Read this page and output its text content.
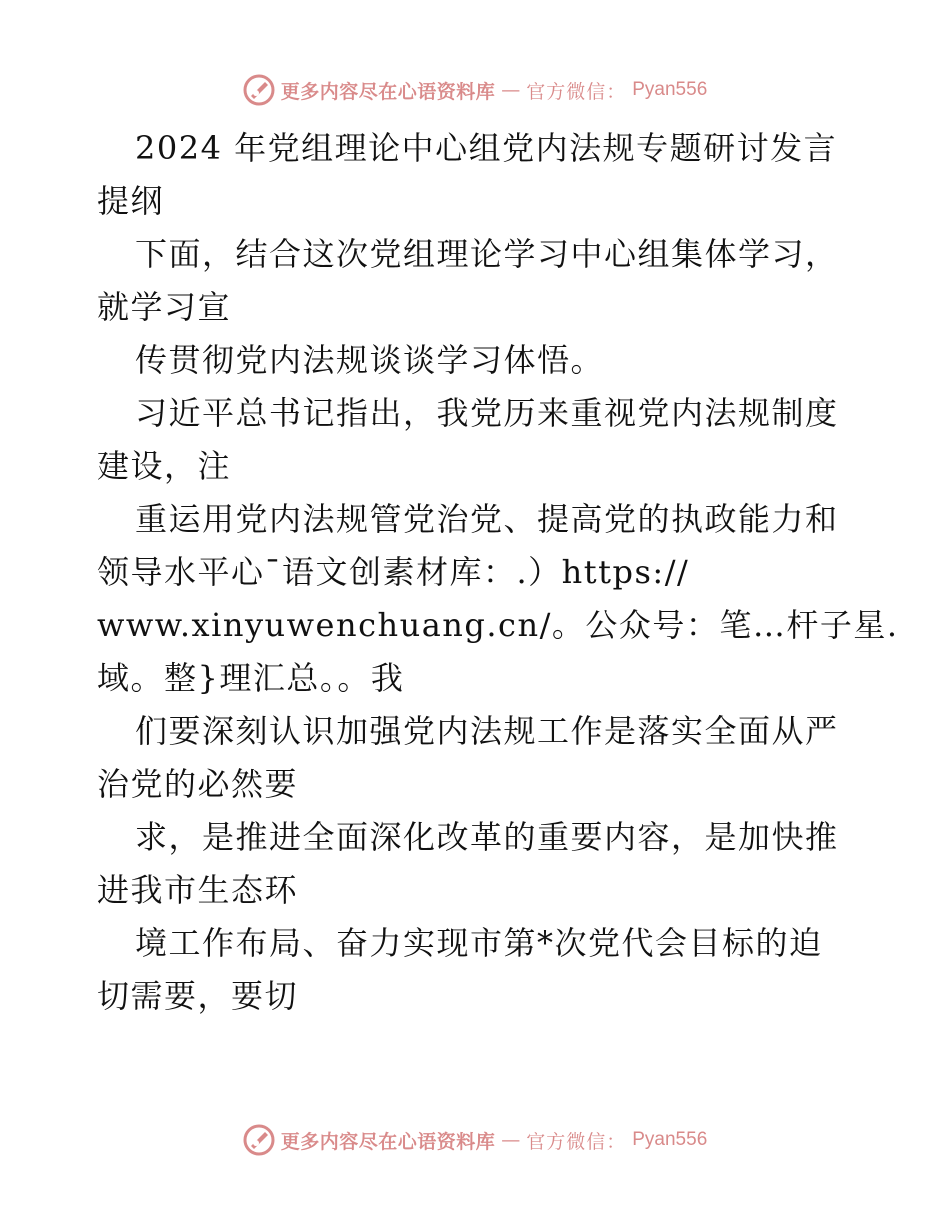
更多内容尽在心语资料库 — 官方微信： Pyan556
2024 年党组理论中心组党内法规专题研讨发言
提纲
下面，结合这次党组理论学习中心组集体学习，
就学习宣
传贯彻党内法规谈谈学习体悟。
习近平总书记指出，我党历来重视党内法规制度
建设，注
重运用党内法规管党治党、提高党的执政能力和
领导水平心¯语文创素材库：.）https://
www.xinyuwenchuang.cn/。公众号：笔…杆子星.
域。整}理汇总。。我
们要深刻认识加强党内法规工作是落实全面从严
治党的必然要
求，是推进全面深化改革的重要内容，是加快推
进我市生态环
境工作布局、奋力实现市第*次党代会目标的迫
切需要，要切
更多内容尽在心语资料库 — 官方微信： Pyan556
